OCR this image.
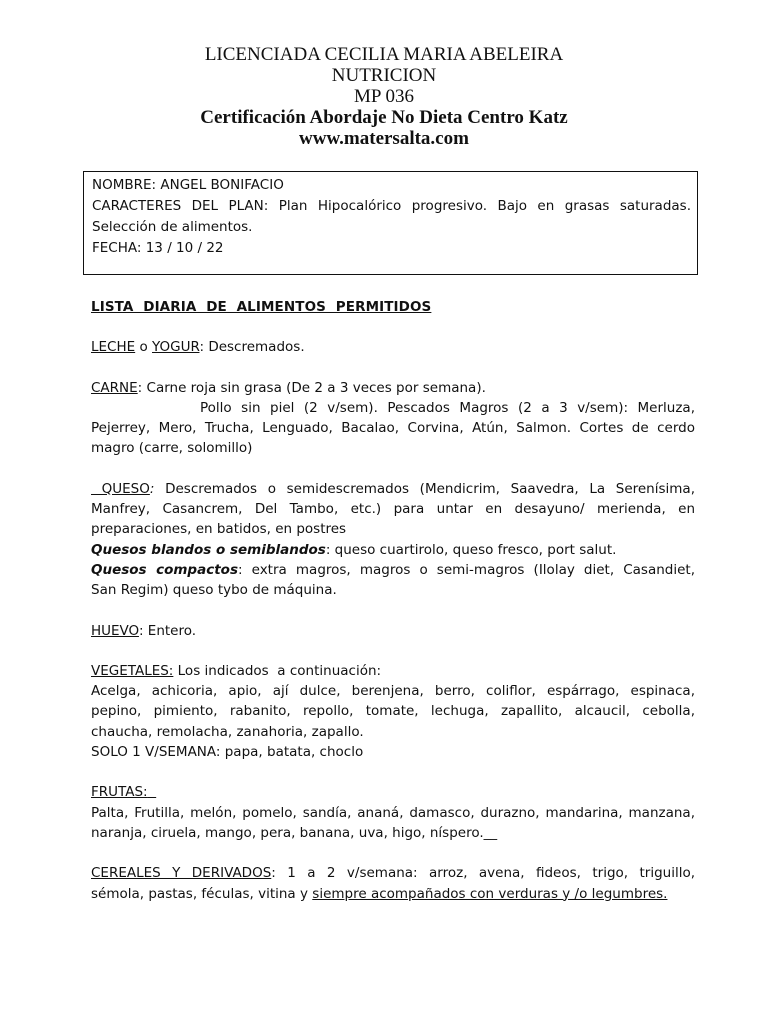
LICENCIADA CECILIA MARIA ABELEIRA
NUTRICION
MP 036
Certificación Abordaje No Dieta Centro Katz
www.matersalta.com
NOMBRE: ANGEL BONIFACIO
CARACTERES DEL PLAN: Plan Hipocalórico progresivo. Bajo en grasas saturadas.
Selección de alimentos.
FECHA: 13 / 10 / 22

LISTA DIARIA DE ALIMENTOS PERMITIDOS

LECHE o YOGUR: Descremados.

CARNE: Carne roja sin grasa (De 2 a 3 veces por semana).

Pollo sin piel (2 v/sem). Pescados Magros (2 a 3 v/sem): Merluza,

Pejerrey, Mero, Trucha, Lenguado, Bacalao, Corvina, Atún, Salmon. Cortes de cerdo

magro (carre, solomillo)

QUESO: Descremados o semidescremados (Mendicrim, Saavedra, La Serenísima,

Manfrey, Casancrem, Del Tambo, etc.) para untar en desayuno/ merienda, en

preparaciones, en batidos, en postres

Quesos blandos o semiblandos: queso cuartirolo, queso fresco, port salut.

Quesos compactos: extra magros, magros o semi-magros (Ilolay diet, Casandiet,

San Regim) queso tybo de máquina.

HUEVO: Entero.

VEGETALES: Los indicados  a continuación:

Acelga, achicoria, apio, ají dulce, berenjena, berro, coliflor, espárrago, espinaca,

pepino, pimiento, rabanito, repollo, tomate, lechuga, zapallito, alcaucil, cebolla,

chaucha, remolacha, zanahoria, zapallo.

SOLO 1 V/SEMANA: papa, batata, choclo

FRUTAS:

Palta, Frutilla, melón, pomelo, sandía, ananá, damasco, durazno, mandarina, manzana,

naranja, ciruela, mango, pera, banana, uva, higo, níspero.__

CEREALES Y DERIVADOS: 1 a 2 v/semana: arroz, avena, fideos, trigo, triguillo,

sémola, pastas, féculas, vitina y siempre acompañados con verduras y /o legumbres.
